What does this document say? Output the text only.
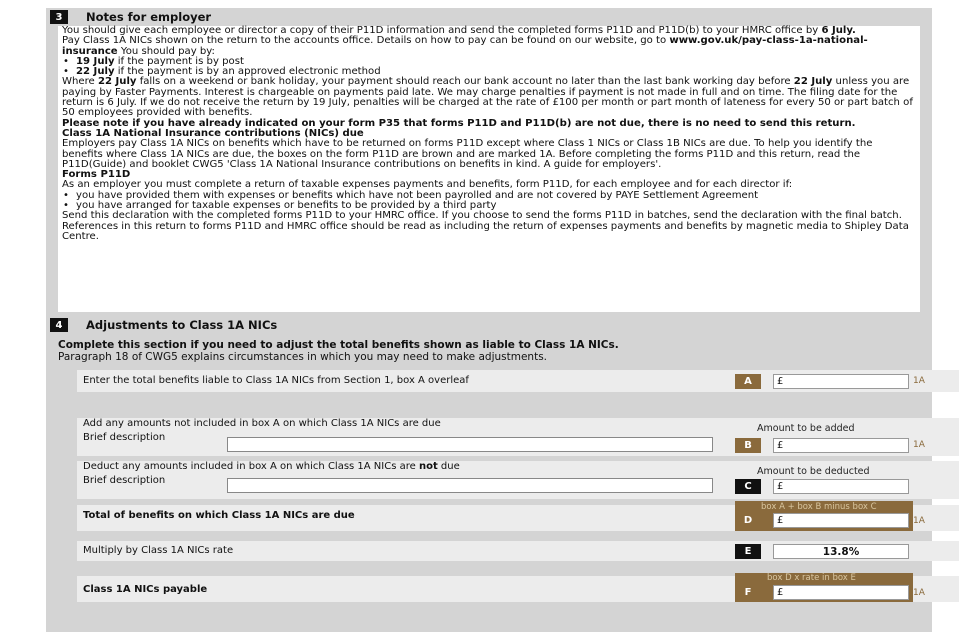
3	Notes for employer

You should give each employee or director a copy of their P11D information and send the completed forms P11D and P11D(b) to your HMRC office by 6 July.

Pay Class 1A NICs shown on the return to the accounts office. Details on how to pay can be found on our website, go to www.gov.uk/pay-class-1a-national-insurance You should pay by:

• 19 July if the payment is by post
• 22 July if the payment is by an approved electronic method

Where 22 July falls on a weekend or bank holiday, your payment should reach our bank account no later than the last bank working day before 22 July unless you are paying by Faster Payments. Interest is chargeable on payments paid late. We may charge penalties if payment is not made in full and on time. The filing date for the return is 6 July. If we do not receive the return by 19 July, penalties will be charged at the rate of £100 per month or part month of lateness for every 50 or part batch of 50 employees provided with benefits.

Please note if you have already indicated on your form P35 that forms P11D and P11D(b) are not due, there is no need to send this return.

Class 1A National Insurance contributions (NICs) due

Employers pay Class 1A NICs on benefits which have to be returned on forms P11D except where Class 1 NICs or Class 1B NICs are due. To help you identify the benefits where Class 1A NICs are due, the boxes on the form P11D are brown and are marked 1A. Before completing the forms P11D and this return, read the P11D(Guide) and booklet CWG5 'Class 1A National Insurance contributions on benefits in kind. A guide for employers'.

Forms P11D

As an employer you must complete a return of taxable expenses payments and benefits, form P11D, for each employee and for each director if:

• you have provided them with expenses or benefits which have not been payrolled and are not covered by PAYE Settlement Agreement
• you have arranged for taxable expenses or benefits to be provided by a third party

Send this declaration with the completed forms P11D to your HMRC office. If you choose to send the forms P11D in batches, send the declaration with the final batch.

References in this return to forms P11D and HMRC office should be read as including the return of expenses payments and benefits by magnetic media to Shipley Data Centre.

4	Adjustments to Class 1A NICs
Complete this section if you need to adjust the total benefits shown as liable to Class 1A NICs.
Paragraph 18 of CWG5 explains circumstances in which you may need to make adjustments.
Enter the total benefits liable to Class 1A NICs from Section 1, box A overleaf	A	£	1A
Add any amounts not included in box A on which Class 1A NICs are due
Brief description
Amount to be added
B	£	1A
Deduct any amounts included in box A on which Class 1A NICs are not due
Brief description
Amount to be deducted
C	£
Total of benefits on which Class 1A NICs are due
box A + box B minus box C
D	£	1A
Multiply by Class 1A NICs rate	E	13.8%
Class 1A NICs payable
box D x rate in box E
F	£	1A
